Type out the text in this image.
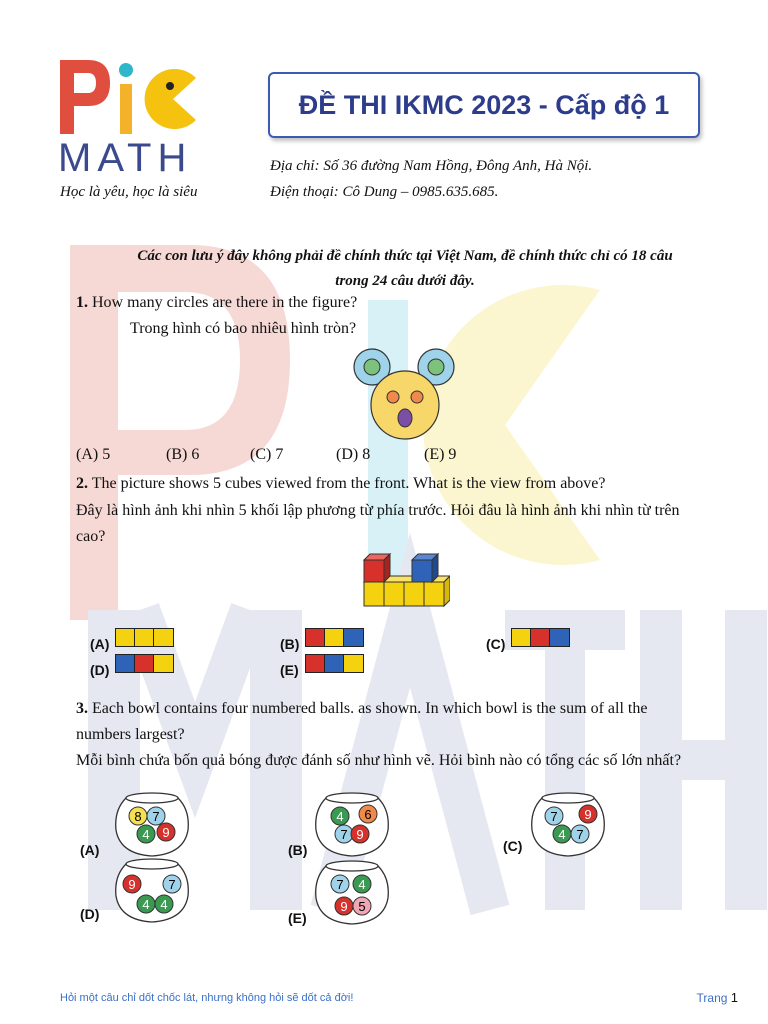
MATH
Học là yêu, học là siêu
ĐỀ THI IKMC 2023 - Cấp độ 1
Địa chỉ: Số 36 đường Nam Hồng, Đông Anh, Hà Nội.
Điện thoại: Cô Dung – 0985.635.685.
Các con lưu ý đây không phải đề chính thức tại Việt Nam, đề chính thức chỉ có 18 câu
trong 24 câu dưới đây.
1. How many circles are there in the figure?
Trong hình có bao nhiêu hình tròn?
(A) 5	(B) 6	(C) 7	(D) 8	(E) 9
2. The picture shows 5 cubes viewed from the front. What is the view from above?
Đây là hình ảnh khi nhìn 5 khối lập phương từ phía trước. Hỏi đâu là hình ảnh khi nhìn từ trên
cao?
(A)	(B)	(C)
(D)	(E)
3. Each bowl contains four numbered balls. as shown. In which bowl is the sum of all the
numbers largest?
Mỗi bình chứa bốn quả bóng được đánh số như hình vẽ. Hỏi bình nào có tổng các số lớn nhất?
(A)
8 7
4 9
(B)
4 6
7 9
(C)
7 9
4 7
(D)
9	7
4 4
(E)
7 4
9 5
Hỏi một câu chỉ dốt chốc lát, nhưng không hỏi sẽ dốt cả đời!	Trang 1
